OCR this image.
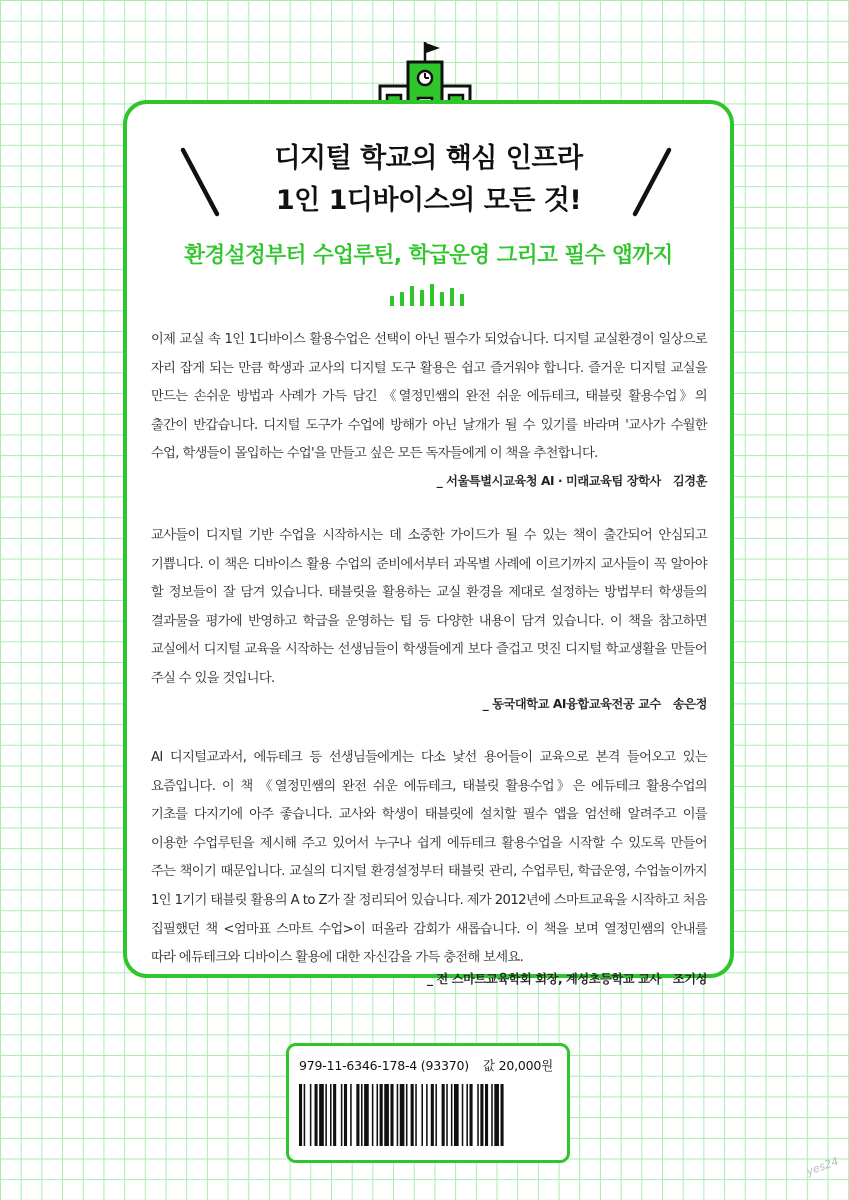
디지털 학교의 핵심 인프라
1인 1디바이스의 모든 것!
환경설정부터 수업루틴, 학급운영 그리고 필수 앱까지
이제 교실 속 1인 1디바이스 활용수업은 선택이 아닌 필수가 되었습니다. 디지털 교실환경이 일상으로 자리 잡게 되는 만큼 학생과 교사의 디지털 도구 활용은 쉽고 즐거워야 합니다. 즐거운 디지털 교실을 만드는 손쉬운 방법과 사례가 가득 담긴 《열정민쌤의 완전 쉬운 에듀테크, 태블릿 활용수업》의 출간이 반갑습니다. 디지털 도구가 수업에 방해가 아닌 날개가 될 수 있기를 바라며 '교사가 수월한 수업, 학생들이 몰입하는 수업'을 만들고 싶은 모든 독자들에게 이 책을 추천합니다.
_ 서울특별시교육청 AI · 미래교육팀 장학사 김경훈
교사들이 디지털 기반 수업을 시작하시는 데 소중한 가이드가 될 수 있는 책이 출간되어 안심되고 기쁩니다. 이 책은 디바이스 활용 수업의 준비에서부터 과목별 사례에 이르기까지 교사들이 꼭 알아야 할 정보들이 잘 담겨 있습니다. 태블릿을 활용하는 교실 환경을 제대로 설정하는 방법부터 학생들의 결과물을 평가에 반영하고 학급을 운영하는 팁 등 다양한 내용이 담겨 있습니다. 이 책을 참고하면 교실에서 디지털 교육을 시작하는 선생님들이 학생들에게 보다 즐겁고 멋진 디지털 학교생활을 만들어 주실 수 있을 것입니다.
_ 동국대학교 AI융합교육전공 교수 송은정
AI 디지털교과서, 에듀테크 등 선생님들에게는 다소 낯선 용어들이 교육으로 본격 들어오고 있는 요즘입니다. 이 책 《열정민쌤의 완전 쉬운 에듀테크, 태블릿 활용수업》은 에듀테크 활용수업의 기초를 다지기에 아주 좋습니다. 교사와 학생이 태블릿에 설치할 필수 앱을 엄선해 알려주고 이를 이용한 수업루틴을 제시해 주고 있어서 누구나 쉽게 에듀테크 활용수업을 시작할 수 있도록 만들어 주는 책이기 때문입니다. 교실의 디지털 환경설정부터 태블릿 관리, 수업루틴, 학급운영, 수업놀이까지 1인 1기기 태블릿 활용의 A to Z가 잘 정리되어 있습니다. 제가 2012년에 스마트교육을 시작하고 처음 집필했던 책 <엄마표 스마트 수업>이 떠올라 감회가 새롭습니다. 이 책을 보며 열정민쌤의 안내를 따라 에듀테크와 디바이스 활용에 대한 자신감을 가득 충전해 보세요.
_ 전 스마트교육학회 회장, 계성초등학교 교사 조기성
979-11-6346-178-4 (93370) 값 20,000원
yes24
